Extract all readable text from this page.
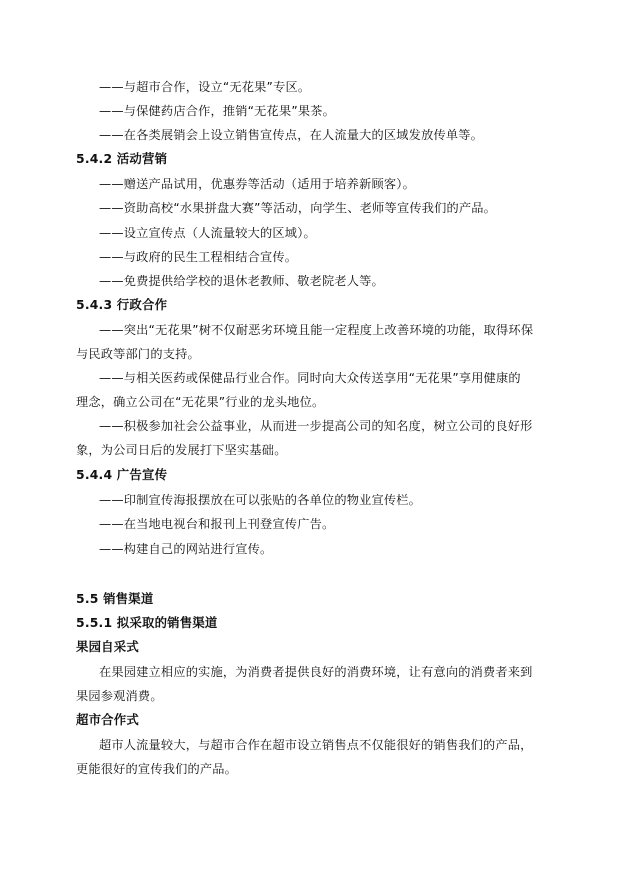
——与超市合作，设立“无花果”专区。
——与保健药店合作，推销“无花果”果茶。
——在各类展销会上设立销售宣传点，在人流量大的区域发放传单等。
5.4.2 活动营销
——赠送产品试用，优惠券等活动（适用于培养新顾客）。
——资助高校“水果拼盘大赛”等活动，向学生、老师等宣传我们的产品。
——设立宣传点（人流量较大的区域）。
——与政府的民生工程相结合宣传。
——免费提供给学校的退休老教师、敬老院老人等。
5.4.3 行政合作
——突出“无花果”树不仅耐恶劣环境且能一定程度上改善环境的功能，取得环保
与民政等部门的支持。
——与相关医药或保健品行业合作。同时向大众传送享用“无花果”享用健康的
理念，确立公司在“无花果”行业的龙头地位。
——积极参加社会公益事业，从而进一步提高公司的知名度，树立公司的良好形
象，为公司日后的发展打下坚实基础。
5.4.4 广告宣传
——印制宣传海报摆放在可以张贴的各单位的物业宣传栏。
——在当地电视台和报刊上刊登宣传广告。
——构建自己的网站进行宣传。
5.5 销售渠道
5.5.1 拟采取的销售渠道
果园自采式
在果园建立相应的实施，为消费者提供良好的消费环境，让有意向的消费者来到
果园参观消费。
超市合作式
超市人流量较大，与超市合作在超市设立销售点不仅能很好的销售我们的产品，
更能很好的宣传我们的产品。
